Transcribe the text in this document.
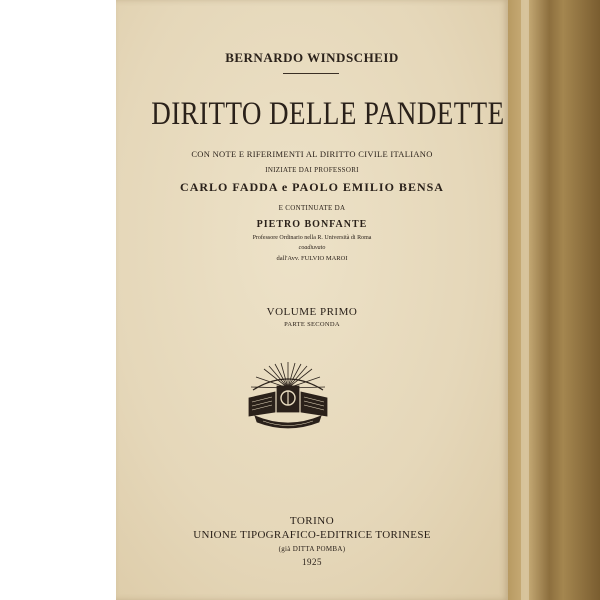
BERNARDO WINDSCHEID
DIRITTO DELLE PANDETTE
CON NOTE E RIFERIMENTI AL DIRITTO CIVILE ITALIANO
INIZIATE DAI PROFESSORI
CARLO FADDA e PAOLO EMILIO BENSA
E CONTINUATE DA
PIETRO BONFANTE
Professore Ordinario nella R. Università di Roma
coadiuvato
dall'Avv. FULVIO MAROI
VOLUME PRIMO
PARTE SECONDA
TORINO
UNIONE TIPOGRAFICO-EDITRICE TORINESE
(già DITTA POMBA)
1925
